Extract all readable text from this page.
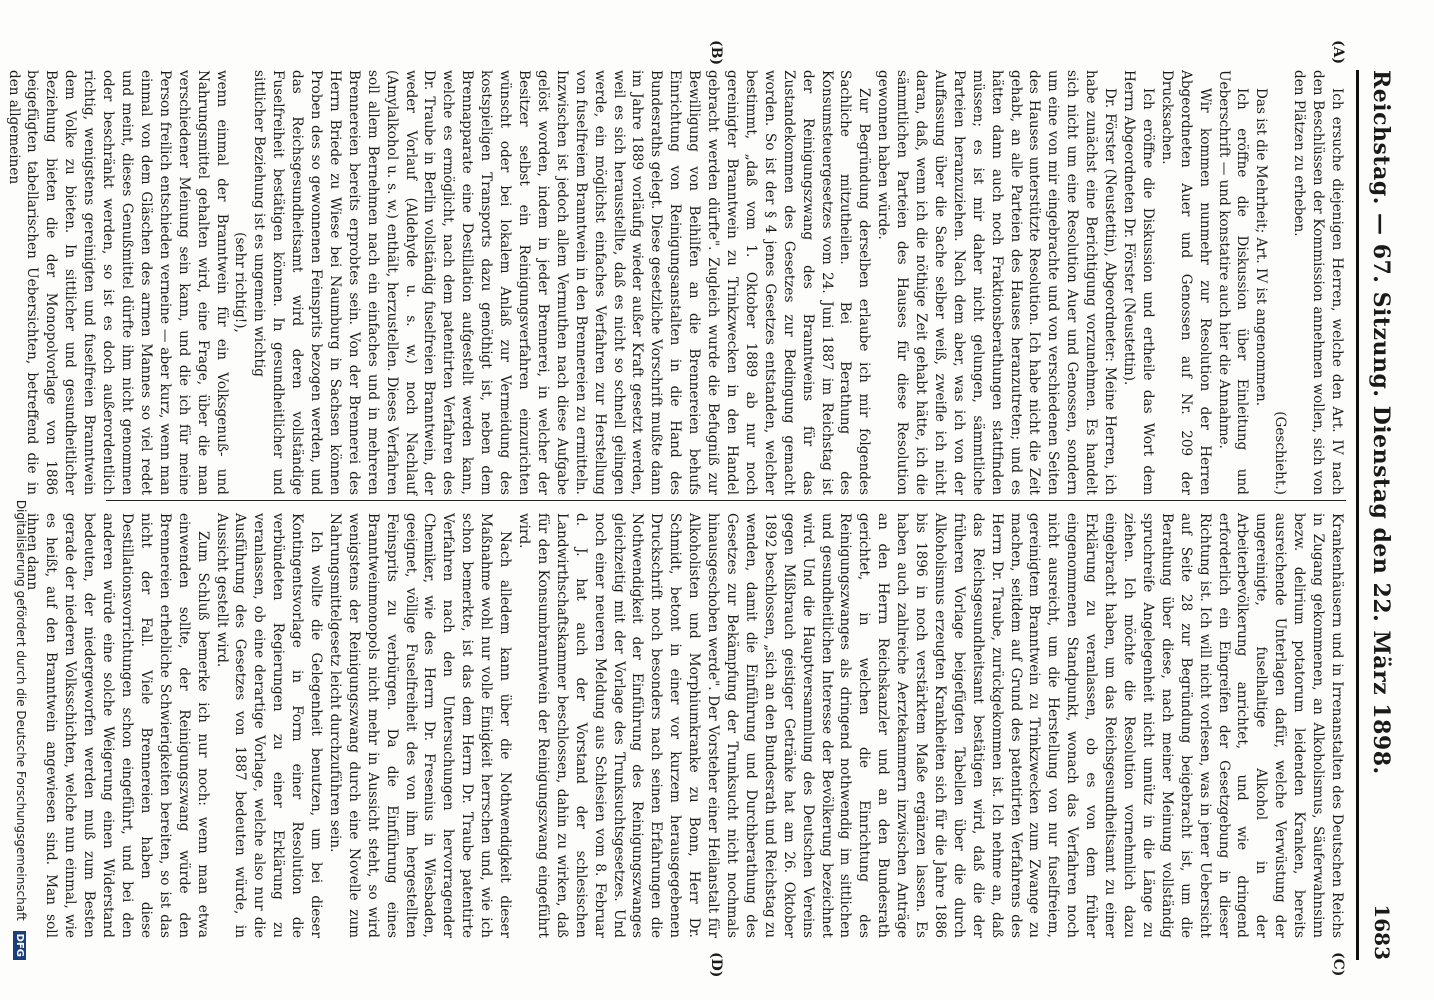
Reichstag. — 67. Sitzung. Dienstag den 22. März 1898.
1683
(A)
(B)
(C)
(D)

Ich ersuche diejenigen Herren, welche den Art. IV nach den Beschlüssen der Kommission annehmen wollen, sich von den Plätzen zu erheben.

(Geschieht.)

Das ist die Mehrheit; Art. IV ist angenommen.

Ich eröffne die Diskussion über Einleitung und Ueberschrift — und konstatire auch hier die Annahme.

Wir kommen nunmehr zur Resolution der Herren Abgeordneten Auer und Genossen auf Nr. 209 der Drucksachen.

Ich eröffne die Diskussion und ertheile das Wort dem Herrn Abgeordneten Dr. Förster (Neustettin).

Dr. Förster (Neustettin), Abgeordneter: Meine Herren, ich habe zunächst eine Berichtigung vorzunehmen. Es handelt sich nicht um eine Resolution Auer und Genossen, sondern um eine von mir eingebrachte und von verschiedenen Seiten des Hauses unterstützte Resolution. Ich habe nicht die Zeit gehabt, an alle Parteien des Hauses heranzutreten; und es hätten dann auch noch Fraktionsberathungen stattfinden müssen; es ist mir daher nicht gelungen, sämmtliche Parteien heranzuziehen. Nach dem aber, was ich von der Auffassung über die Sache selber weiß, zweifle ich nicht daran, daß, wenn ich die nöthige Zeit gehabt hätte, ich die sämmtlichen Parteien des Hauses für diese Resolution gewonnen haben würde.

Zur Begründung derselben erlaube ich mir folgendes Sachliche mitzutheilen. Bei Berathung des Konsumsteuergesetzes vom 24. Juni 1887 im Reichstag ist der Reinigungszwang des Branntweins für das Zustandekommen des Gesetzes zur Bedingung gemacht worden. So ist der § 4 jenes Gesetzes entstanden, welcher bestimmt, „daß vom 1. Oktober 1889 ab nur noch gereinigter Branntwein zu Trinkzwecken in den Handel gebracht werden dürfte". Zugleich wurde die Befugniß zur Bewilligung von Beihilfen an die Brennereien behufs Einrichtung von Reinigungsanstalten in die Hand des Bundesraths gelegt. Diese gesetzliche Vorschrift mußte dann im Jahre 1889 vorläufig wieder außer Kraft gesetzt werden, weil es sich herausstellte, daß es nicht so schnell gelingen werde, ein möglichst einfaches Verfahren zur Herstellung von fuselfreiem Branntwein in den Brennereien zu ermitteln. Inzwischen ist jedoch allem Vermuthen nach diese Aufgabe gelöst worden, indem in jeder Brennerei, in welcher der Besitzer selbst ein Reinigungsverfahren einzurichten wünscht oder bei lokalem Anlaß zur Vermeidung des kostspieligen Transports dazu genöthigt ist, neben dem Brennapparate eine Destillation aufgestellt werden kann, welche es ermöglicht, nach dem patentirten Verfahren des Dr. Traube in Berlin vollständig fuselfreien Branntwein, der weder Vorlauf (Aldehyde u. s. w.) noch Nachlauf (Amylalkohol u. s. w.) enthält, herzustellen. Dieses Verfahren soll allem Bernehmen nach ein einfaches und in mehreren Brennereien bereits erprobtes sein. Von der Brennerei des Herrn Briede zu Wiese bei Naumburg in Sachsen können Proben des so gewonnenen Feinsprits bezogen werden, und das Reichsgesundheitsamt wird deren vollständige Fuselfreiheit bestätigen können. In gesundheitlicher und sittlicher Beziehung ist es ungemein wichtig

(sehr richtig!),

wenn einmal der Branntwein für ein Volksgenuß- und Nahrungsmittel gehalten wird, eine Frage, über die man verschiedener Meinung sein kann, und die ich für meine Person freilich entschieden verneine — aber kurz, wenn man einmal von dem Gläschen des armen Mannes so viel redet und meint, dieses Genußmittel dürfte ihm nicht genommen oder beschränkt werden, so ist es doch außerordentlich richtig, wenigstens gereinigten und fuselfreien Branntwein dem Volke zu bieten. In sittlicher und gesundheitlicher Beziehung bieten die der Monopolvorlage von 1886 beigefügten tabellarischen Uebersichten, betreffend die in den allgemeinen

Krankenhäusern und in Irrenanstalten des Deutschen Reichs in Zugang gekommenen, an Alkoholismus, Säuferwahnsinn bezw. delirium potatorum leidenden Kranken, bereits ausreichende Unterlagen dafür, welche Verwüstung der ungereinigte, fuselhaltige Alkohol in der Arbeiterbevölkerung anrichtet, und wie dringend erforderlich ein Eingreifen der Gesetzgebung in dieser Richtung ist. Ich will nicht vorlesen, was in jener Uebersicht auf Seite 28 zur Begründung beigebracht ist, um die Berathung über diese, nach meiner Meinung vollständig spruchreife Angelegenheit nicht unnütz in die Länge zu ziehen. Ich möchte die Resolution vornehmlich dazu eingebracht haben, um das Reichsgesundheitsamt zu einer Erklärung zu veranlassen, ob es von dem früher eingenommenen Standpunkt, wonach das Verfahren noch nicht ausreicht, um die Herstellung von nur fuselfreiem, gereinigtem Branntwein zu Trinkzwecken zum Zwange zu machen, seitdem auf Grund des patentirten Verfahrens des Herrn Dr. Traube, zurückgekommen ist. Ich nehme an, daß das Reichsgesundheitsamt bestätigen wird, daß die der früheren Vorlage beigefügten Tabellen über die durch Alkoholismus erzeugten Krankheiten sich für die Jahre 1886 bis 1896 in noch verstärktem Maße ergänzen lassen. Es haben auch zahlreiche Aerztekammern inzwischen Anträge an den Herrn Reichskanzler und an den Bundesrath gerichtet, in welchen die Einrichtung des Reinigungszwanges als dringend nothwendig im sittlichen und gesundheitlichen Interesse der Bevölkerung bezeichnet wird. Und die Hauptversammlung des Deutschen Vereins gegen Mißbrauch geistiger Getränke hat am 26. Oktober 1892 beschlossen, „sich an den Bundesrath und Reichstag zu wenden, damit die Einführung und Durchberathung des Gesetzes zur Bekämpfung der Trunksucht nicht nochmals hinausgeschoben werde". Der Vorsteher einer Heilanstalt für Alkoholisten und Morphiumkranke zu Bonn, Herr Dr. Schmidt, betont in einer vor kurzem herausgegebenen Druckschrift noch besonders nach seinen Erfahrungen die Nothwendigkeit der Einführung des Reinigungszwanges gleichzeitig mit der Vorlage des Trunksuchtsgesetzes. Und noch einer neueren Meldung aus Schlesien vom 8. Februar d. J. hat auch der Vorstand der schlesischen Landwirthschaftskammer beschlossen, dahin zu wirken, daß für den Konsumbranntwein der Reinigungszwang eingeführt wird.

Nach alledem kann über die Nothwendigkeit dieser Maßnahme wohl nur volle Einigkeit herrschen und, wie ich schon bemerkte, ist das dem Herrn Dr. Traube patentirte Verfahren nach den Untersuchungen hervorragender Chemiker, wie des Herrn Dr. Fresenius in Wiesbaden, geeignet, völlige Fuselfreiheit des von ihm hergestellten Feinsprits zu verbürgen. Da die Einführung eines Branntweinmonopols nicht mehr in Aussicht steht, so wird wenigstens der Reinigungszwang durch eine Novelle zum Nahrungsmittelgesetz leicht durchzuführen sein.

Ich wollte die Gelegenheit benutzen, um bei dieser Kontingentsvorlage in Form einer Resolution die verbündeten Regierungen zu einer Erklärung zu veranlassen, ob eine derartige Vorlage, welche also nur die Ausführung des Gesetzes von 1887 bedeuten würde, in Aussicht gestellt wird.

Zum Schluß bemerke ich nur noch: wenn man etwa einwenden sollte, der Reinigungszwang würde den Brennereien erhebliche Schwierigkeiten bereiten, so ist das nicht der Fall. Viele Brennereien haben diese Destillationsvorrichtungen schon eingeführt, und bei den anderen würde eine solche Weigerung einen Widerstand bedeuten, der niedergeworfen werden muß zum Besten gerade der niederen Volksschichten, welche nun einmal, wie es heißt, auf den Branntwein angewiesen sind. Man soll ihnen dann

Digitalisierung gefördert durch die Deutsche Forschungsgemeinschaft DFG
